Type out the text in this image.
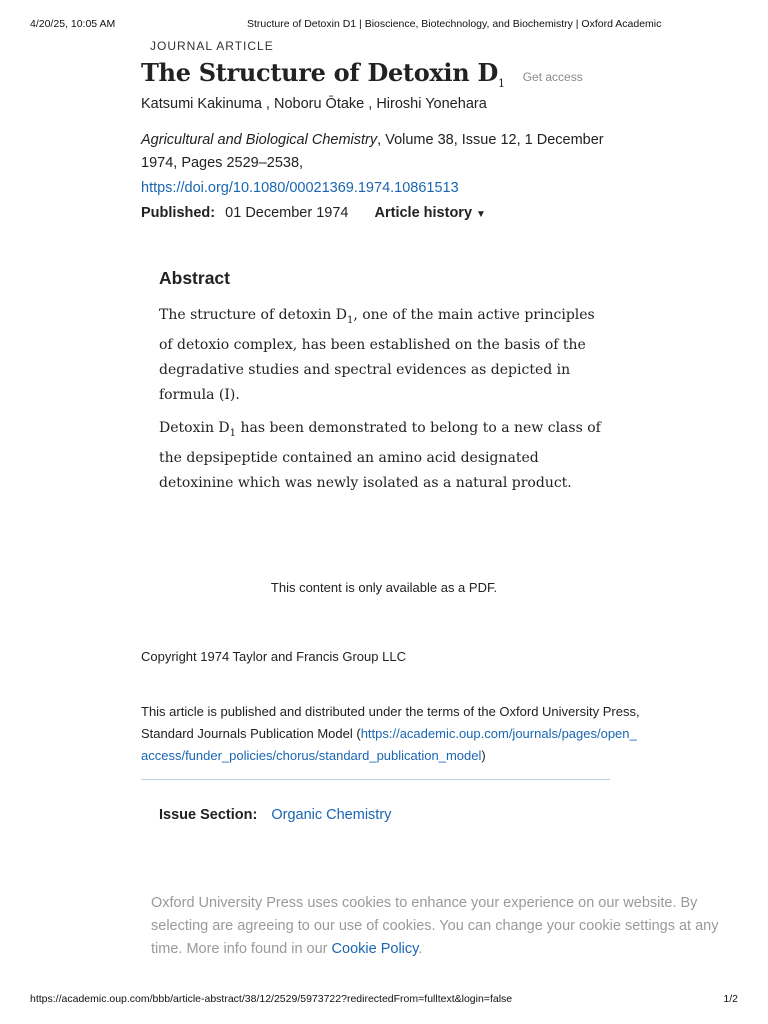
4/20/25, 10:05 AM	Structure of Detoxin D1 | Bioscience, Biotechnology, and Biochemistry | Oxford Academic
JOURNAL ARTICLE
The Structure of Detoxin $D_1$ Get access
Katsumi Kakinuma , Noboru Ōtake , Hiroshi Yonehara
Agricultural and Biological Chemistry, Volume 38, Issue 12, 1 December 1974, Pages 2529–2538,
https://doi.org/10.1080/00021369.1974.10861513
Published: 01 December 1974 Article history ▼
Abstract

The structure of detoxin $D_1$, one of the main active principles of detoxio complex, has been established on the basis of the degradative studies and spectral evidences as depicted in formula (I).

Detoxin $D_1$ has been demonstrated to belong to a new class of the depsipeptide contained an amino acid designated detoxinine which was newly isolated as a natural product.

This content is only available as a PDF.
Copyright 1974 Taylor and Francis Group LLC
This article is published and distributed under the terms of the Oxford University Press, Standard Journals Publication Model (https://academic.oup.com/journals/pages/open_access/funder_policies/chorus/standard_publication_model)
Issue Section: Organic Chemistry
Oxford University Press uses cookies to enhance your experience on our website. By selecting are agreeing to our use of cookies. You can change your cookie settings at any time. More info found in our Cookie Policy.
https://academic.oup.com/bbb/article-abstract/38/12/2529/5973722?redirectedFrom=fulltext&login=false	1/2
